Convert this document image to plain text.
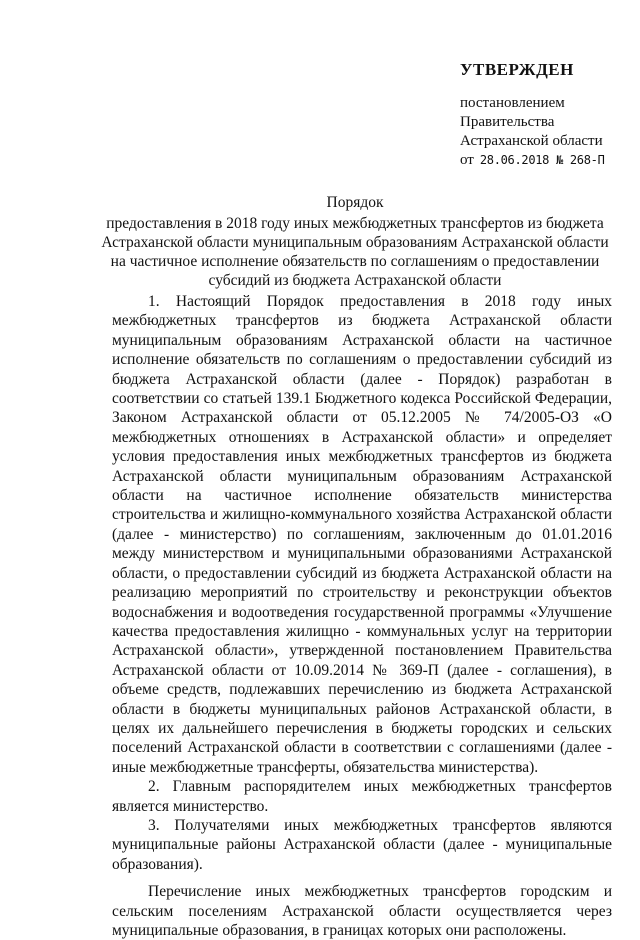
УТВЕРЖДЕН
постановлением
Правительства
Астраханской области
от 28.06.2018 № 268-П
Порядок
предоставления в 2018 году иных межбюджетных трансфертов из бюджета
Астраханской области муниципальным образованиям Астраханской области
на частичное исполнение обязательств по соглашениям о предоставлении
субсидий из бюджета Астраханской области

1. Настоящий Порядок предоставления в 2018 году иных межбюджетных трансфертов из бюджета Астраханской области муниципальным образованиям Астраханской области на частичное исполнение обязательств по соглашениям о предоставлении субсидий из бюджета Астраханской области (далее - Порядок) разработан в соответствии со статьей 139.1 Бюджетного кодекса Российской Федерации, Законом Астраханской области от 05.12.2005 № 74/2005-ОЗ «О межбюджетных отношениях в Астраханской области» и определяет условия предоставления иных межбюджетных трансфертов из бюджета Астраханской области муниципальным образованиям Астраханской области на частичное исполнение обязательств министерства строительства и жилищно-коммунального хозяйства Астраханской области (далее - министерство) по соглашениям, заключенным до 01.01.2016 между министерством и муниципальными образованиями Астраханской области, о предоставлении субсидий из бюджета Астраханской области на реализацию мероприятий по строительству и реконструкции объектов водоснабжения и водоотведения государственной программы «Улучшение качества предоставления жилищно - коммунальных услуг на территории Астраханской области», утвержденной постановлением Правительства Астраханской области от 10.09.2014 № 369-П (далее - соглашения), в объеме средств, подлежавших перечислению из бюджета Астраханской области в бюджеты муниципальных районов Астраханской области, в целях их дальнейшего перечисления в бюджеты городских и сельских поселений Астраханской области в соответствии с соглашениями (далее - иные межбюджетные трансферты, обязательства министерства).

2. Главным распорядителем иных межбюджетных трансфертов является министерство.

3. Получателями иных межбюджетных трансфертов являются муниципальные районы Астраханской области (далее - муниципальные образования).

Перечисление иных межбюджетных трансфертов городским и сельским поселениям Астраханской области осуществляется через муниципальные образования, в границах которых они расположены.
